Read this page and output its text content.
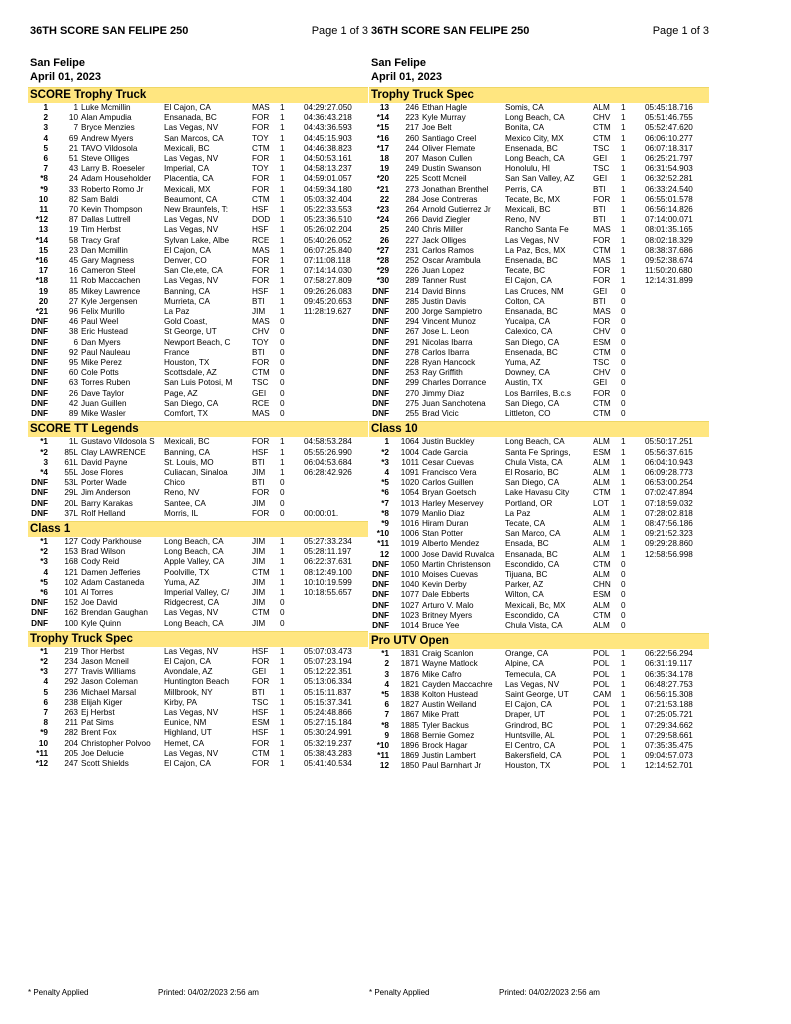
36TH SCORE SAN FELIPE 250	Page 1 of 3
San Felipe
April 01, 2023
SCORE Trophy Truck
1	1	Luke Mcmillin	El Cajon, CA	MAS	1	04:29:27.050
2	10	Alan Ampudia	Ensanada, BC	FOR	1	04:36:43.218
3	7	Bryce Menzies	Las Vegas, NV	FOR	1	04:43:36.593
4	69	Andrew Myers	San Marcos, CA	TOY	1	04:45:15.903
5	21	TAVO Vildosola	Mexicali, BC	CTM	1	04:46:38.823
6	51	Steve Olliges	Las Vegas, NV	FOR	1	04:50:53.161
7	43	Larry B. Roeseler	Imperial, CA	TOY	1	04:58:13.237
*8	24	Adam Householder	Placentia, CA	FOR	1	04:59:01.057
*9	33	Roberto Romo Jr	Mexicali, MX	FOR	1	04:59:34.180
10	82	Sam Baldi	Beaumont, CA	CTM	1	05:03:32.404
11	70	Kevin Thompson	New Braunfels, T:	HSF	1	05:22:33.553
*12	87	Dallas Luttrell	Las Vegas, NV	DOD	1	05:23:36.510
13	19	Tim Herbst	Las Vegas, NV	HSF	1	05:26:02.204
*14	58	Tracy Graf	Sylvan Lake, Albe	RCE	1	05:40:26.052
15	23	Dan Mcmillin	El Cajon, CA	MAS	1	06:07:25.840
*16	45	Gary Magness	Denver, CO	FOR	1	07:11:08.118
17	16	Cameron Steel	San Cle,ete, CA	FOR	1	07:14:14.030
*18	11	Rob Maccachen	Las Vegas, NV	FOR	1	07:58:27.809
19	85	Mikey Lawrence	Banning, CA	HSF	1	09:26:26.083
20	27	Kyle Jergensen	Murrieta, CA	BTI	1	09:45:20.653
*21	96	Felix Murillo	La Paz	JIM	1	11:28:19.627
DNF	46	Paul Weel	Gold Coast,	MAS	0	
DNF	38	Eric Hustead	St George, UT	CHV	0	
DNF	6	Dan Myers	Newport Beach, C	TOY	0	
DNF	92	Paul Nauleau	France	BTI	0	
DNF	95	Mike Perez	Houston, TX	FOR	0	
DNF	60	Cole Potts	Scottsdale, AZ	CTM	0	
DNF	63	Torres Ruben	San Luis Potosi, M	TSC	0	
DNF	26	Dave Taylor	Page, AZ	GEI	0	
DNF	42	Juan Guillen	San Diego, CA	RCE	0	
DNF	89	Mike Wasler	Comfort, TX	MAS	0	
SCORE TT Legends
*1	1L	Gustavo Vildosola S	Mexicali, BC	FOR	1	04:58:53.284
*2	85L	Clay LAWRENCE	Banning, CA	HSF	1	05:55:26.990
3	61L	David Payne	St. Louis, MO	BTI	1	06:04:53.684
*4	55L	Jose Flores	Culiacan, Sinaloa	JIM	1	06:28:42.926
DNF	53L	Porter Wade	Chico	BTI	0	
DNF	29L	Jim Anderson	Reno, NV	FOR	0	
DNF	20L	Barry Karakas	Santee, CA	JIM	0	
DNF	37L	Rolf Helland	Morris, IL	FOR	0	00:00:01.
Class 1
*1	127	Cody Parkhouse	Long Beach, CA	JIM	1	05:27:33.234
*2	153	Brad Wilson	Long Beach, CA	JIM	1	05:28:11.197
*3	168	Cody Reid	Apple Valley, CA	JIM	1	06:22:37.631
4	121	Damen Jefferies	Poolville, TX	CTM	1	08:12:49.100
*5	102	Adam Castaneda	Yuma, AZ	JIM	1	10:10:19.599
*6	101	Al Torres	Imperial Valley, C/	JIM	1	10:18:55.657
DNF	152	Joe David	Ridgecrest, CA	JIM	0	
DNF	162	Brendan Gaughan	Las Vegas, NV	CTM	0	
DNF	100	Kyle Quinn	Long Beach, CA	JIM	0	
Trophy Truck Spec
*1	219	Thor Herbst	Las Vegas, NV	HSF	1	05:07:03.473
*2	234	Jason Mcneil	El Cajon, CA	FOR	1	05:07:23.194
*3	277	Travis Williams	Avondale, AZ	GEI	1	05:12:22.351
4	292	Jason Coleman	Huntington Beach	FOR	1	05:13:06.334
5	236	Michael Marsal	Millbrook, NY	BTI	1	05:15:11.837
6	238	Elijah Kiger	Kirby, PA	TSC	1	05:15:37.341
7	263	Ej Herbst	Las Vegas, NV	HSF	1	05:24:48.866
8	211	Pat Sims	Eunice, NM	ESM	1	05:27:15.184
*9	282	Brent Fox	Highland, UT	HSF	1	05:30:24.991
10	204	Christopher Polvoo	Hemet, CA	FOR	1	05:32:19.237
*11	205	Joe Delucie	Las Vegas, NV	CTM	1	05:38:43.283
*12	247	Scott Shields	El Cajon, CA	FOR	1	05:41:40.534
36TH SCORE SAN FELIPE 250	Page 1 of 3
San Felipe
April 01, 2023
Trophy Truck Spec
13	246	Ethan Hagle	Somis, CA	ALM	1	05:45:18.716
*14	223	Kyle Murray	Long Beach, CA	CHV	1	05:51:46.755
*15	217	Joe Belt	Bonita, CA	CTM	1	05:52:47.620
*16	260	Santiago Creel	Mexico City, MX	CTM	1	06:06:10.277
*17	244	Oliver Flemate	Ensenada, BC	TSC	1	06:07:18.317
18	207	Mason Cullen	Long Beach, CA	GEI	1	06:25:21.797
19	249	Dustin Swanson	Honolulu, HI	TSC	1	06:31:54.903
*20	225	Scott Mcneil	San San Valley, AZ	GEI	1	06:32:52.281
*21	273	Jonathan Brenthel	Perris, CA	BTI	1	06:33:24.540
22	284	Jose Contreras	Tecate, Bc, MX	FOR	1	06:55:01.578
*23	264	Arnold Gutierrez Jr	Mexicali, BC	BTI	1	06:56:14.826
*24	266	David Ziegler	Reno, NV	BTI	1	07:14:00.071
25	240	Chris Miller	Rancho Santa Fe	MAS	1	08:01:35.165
26	227	Jack Olliges	Las Vegas, NV	FOR	1	08:02:18.329
*27	231	Carlos Ramos	La Paz, Bcs, MX	CTM	1	08:38:37.686
*28	252	Oscar Arambula	Ensenada, BC	MAS	1	09:52:38.674
*29	226	Juan Lopez	Tecate, BC	FOR	1	11:50:20.680
*30	289	Tanner Rust	El Cajon, CA	FOR	1	12:14:31.899
DNF	214	David Binns	Las Cruces, NM	GEI	0	
DNF	285	Justin Davis	Colton, CA	BTI	0	
DNF	200	Jorge Sampietro	Ensanada, BC	MAS	0	
DNF	294	Vincent Munoz	Yucaipa, CA	FOR	0	
DNF	267	Jose L. Leon	Calexico, CA	CHV	0	
DNF	291	Nicolas Ibarra	San Diego, CA	ESM	0	
DNF	278	Carlos Ibarra	Ensenada, BC	CTM	0	
DNF	228	Ryan Hancock	Yuma, AZ	TSC	0	
DNF	253	Ray Griffith	Downey, CA	CHV	0	
DNF	299	Charles Dorrance	Austin, TX	GEI	0	
DNF	270	Jimmy Diaz	Los Barriles, B.c.s	FOR	0	
DNF	275	Juan Sanchotena	San Diego, CA	CTM	0	
DNF	255	Brad Vicic	Littleton, CO	CTM	0	
Class 10
1	1064	Justin Buckley	Long Beach, CA	ALM	1	05:50:17.251
*2	1004	Cade Garcia	Santa Fe Springs,	ESM	1	05:56:37.615
*3	1011	Cesar Cuevas	Chula Vista, CA	ALM	1	06:04:10.943
4	1091	Francisco Vera	El Rosario, BC	ALM	1	06:09:28.773
*5	1020	Carlos Guillen	San Diego, CA	ALM	1	06:53:00.254
*6	1054	Bryan Goetsch	Lake Havasu City	CTM	1	07:02:47.894
*7	1013	Harley Meservey	Portland, OR	LOT	1	07:18:59.032
*8	1079	Manlio Diaz	La Paz	ALM	1	07:28:02.818
*9	1016	Hiram Duran	Tecate, CA	ALM	1	08:47:56.186
*10	1006	Stan Potter	San Marco, CA	ALM	1	09:21:52.323
*11	1019	Alberto Mendez	Ensada, BC	ALM	1	09:29:28.860
12	1000	Jose David Ruvalca	Ensanada, BC	ALM	1	12:58:56.998
DNF	1050	Martin Christenson	Escondido, CA	CTM	0	
DNF	1010	Moises Cuevas	Tijuana, BC	ALM	0	
DNF	1040	Kevin Derby	Parker, AZ	CHN	0	
DNF	1077	Dale Ebberts	Wilton, CA	ESM	0	
DNF	1027	Arturo V. Malo	Mexicali, Bc, MX	ALM	0	
DNF	1023	Britney Myers	Escondido, CA	CTM	0	
DNF	1014	Bruce Yee	Chula Vista, CA	ALM	0	
Pro UTV Open
*1	1831	Craig Scanlon	Orange, CA	POL	1	06:22:56.294
2	1871	Wayne Matlock	Alpine, CA	POL	1	06:31:19.117
3	1876	Mike Cafro	Temecula, CA	POL	1	06:35:34.178
4	1821	Cayden Maccachre	Las Vegas, NV	POL	1	06:48:27.753
*5	1838	Kolton Hustead	Saint George, UT	CAM	1	06:56:15.308
6	1827	Austin Weiland	El Cajon, CA	POL	1	07:21:53.188
7	1867	Mike Pratt	Draper, UT	POL	1	07:25:05.721
*8	1885	Tyler Backus	Grindrod, BC	POL	1	07:29:34.662
9	1868	Bernie Gomez	Huntsville, AL	POL	1	07:29:58.661
*10	1896	Brock Hagar	El Centro, CA	POL	1	07:35:35.475
*11	1869	Justin Lambert	Bakersfield, CA	POL	1	09:04:57.073
12	1850	Paul Barnhart Jr	Houston, TX	POL	1	12:14:52.701
* Penalty Applied	Printed: 04/02/2023 2:56 am	* Penalty Applied	Printed: 04/02/2023 2:56 am
